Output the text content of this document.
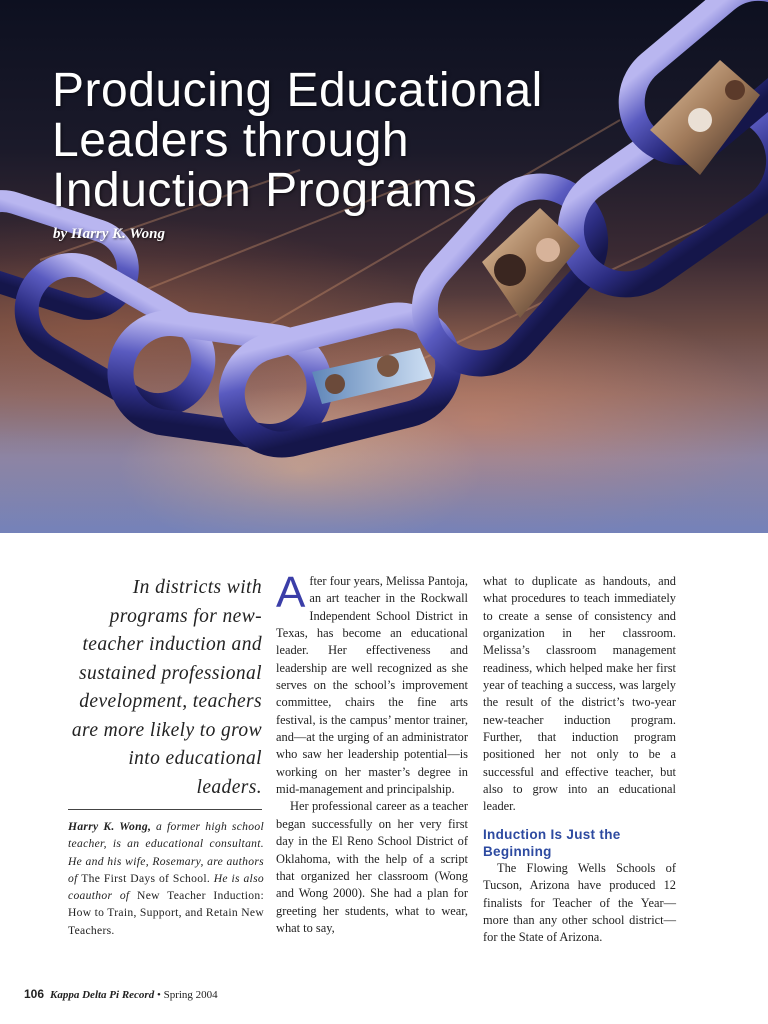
Producing Educational
Leaders through
Induction Programs
by Harry K. Wong
In districts with programs for new-teacher induction and sustained professional development, teachers are more likely to grow into educational leaders.
Harry K. Wong, a former high school teacher, is an educational consultant. He and his wife, Rosemary, are authors of The First Days of School. He is also coauthor of New Teacher Induction: How to Train, Support, and Retain New Teachers.

After four years, Melissa Pantoja, an art teacher in the Rockwall Independent School District in Texas, has become an educational leader. Her effectiveness and leadership are well recognized as she serves on the school’s improvement committee, chairs the fine arts festival, is the campus’ mentor trainer, and—at the urging of an administrator who saw her leadership potential—is working on her master’s degree in mid-management and principalship.

Her professional career as a teacher began successfully on her very first day in the El Reno School District of Oklahoma, with the help of a script that organized her classroom (Wong and Wong 2000). She had a plan for greeting her students, what to wear, what to say,

what to duplicate as handouts, and what procedures to teach immediately to create a sense of consistency and organization in her classroom. Melissa’s classroom management readiness, which helped make her first year of teaching a success, was largely the result of the district’s two-year new-teacher induction program. Further, that induction program positioned her not only to be a successful and effective teacher, but also to grow into an educational leader.

Induction Is Just the Beginning

The Flowing Wells Schools of Tucson, Arizona have produced 12 finalists for Teacher of the Year—more than any other school district—for the State of Arizona.

106 Kappa Delta Pi Record • Spring 2004
